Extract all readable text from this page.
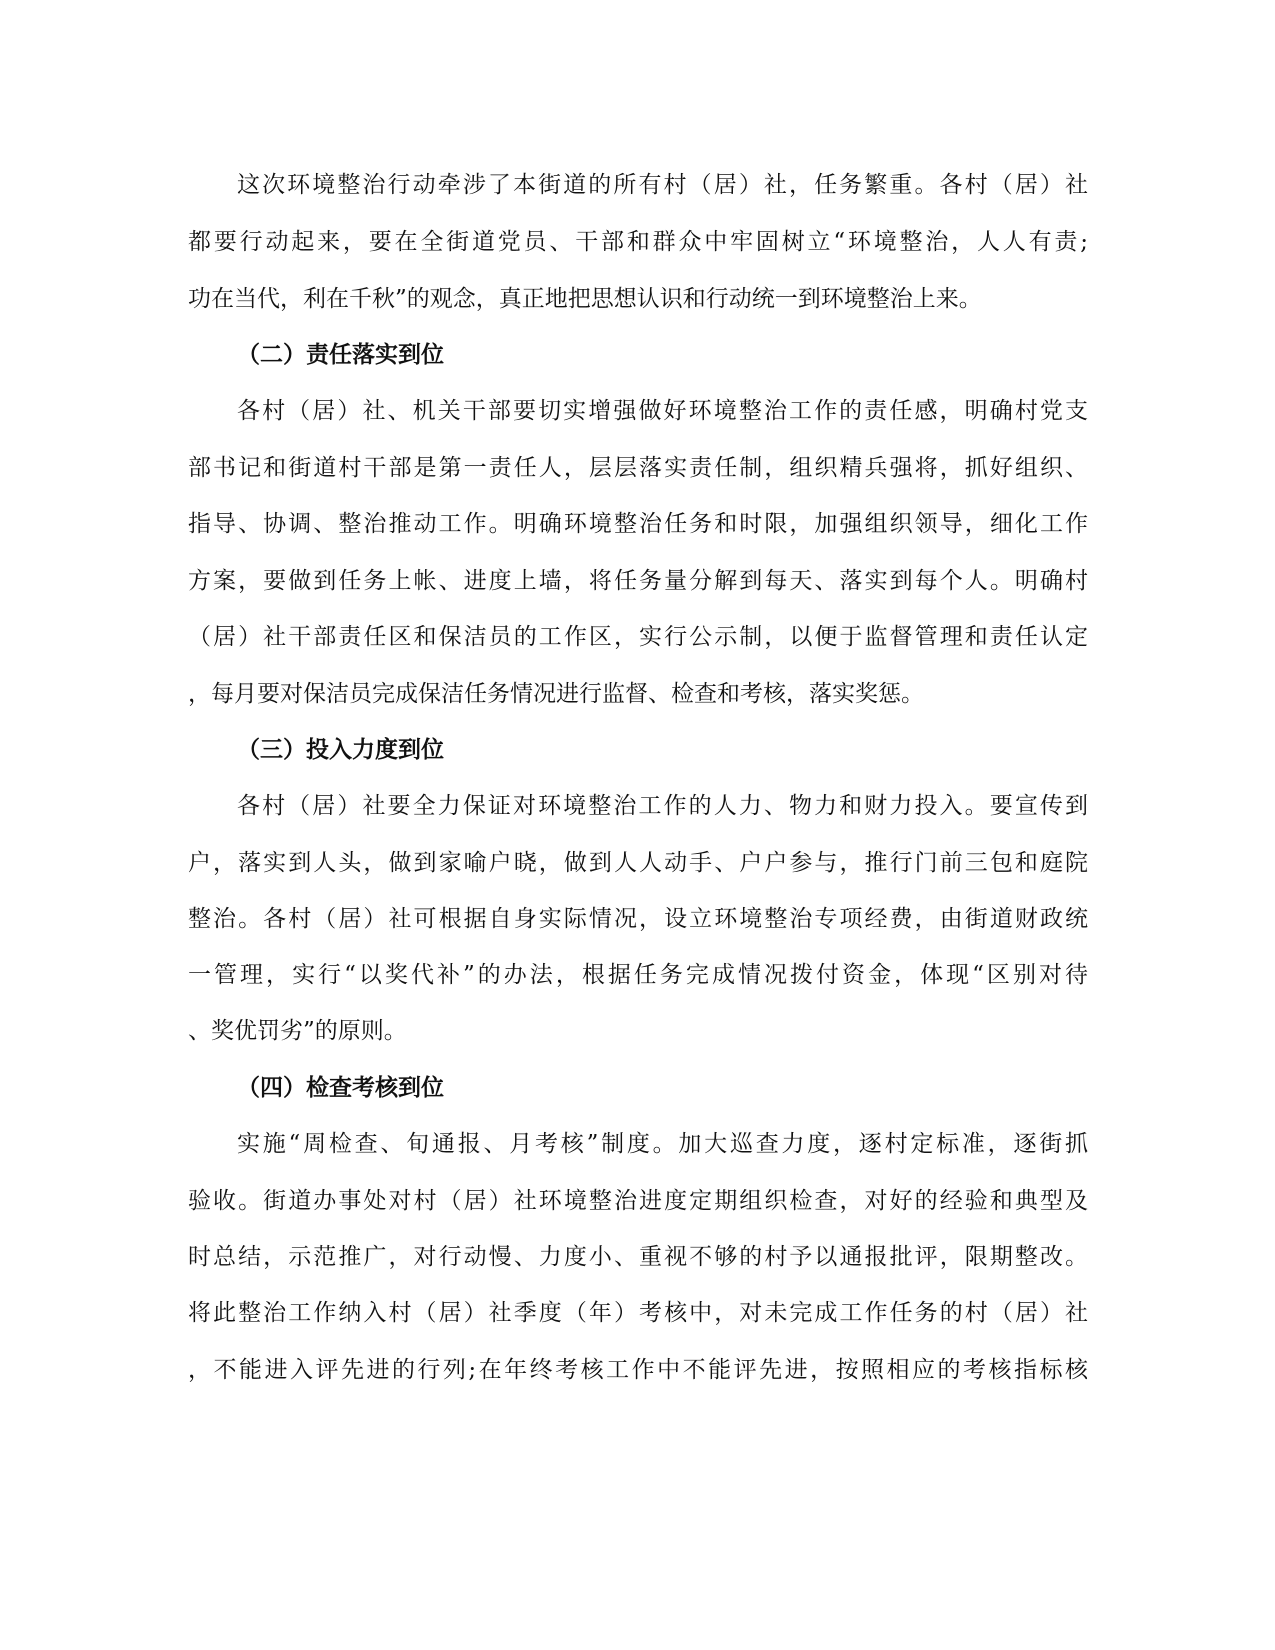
这次环境整治行动牵涉了本街道的所有村（居）社，任务繁重。各村（居）社
都要行动起来，要在全街道党员、干部和群众中牢固树立“环境整治，人人有责;
功在当代，利在千秋”的观念，真正地把思想认识和行动统一到环境整治上来。
（二）责任落实到位
各村（居）社、机关干部要切实增强做好环境整治工作的责任感，明确村党支
部书记和街道村干部是第一责任人，层层落实责任制，组织精兵强将，抓好组织、
指导、协调、整治推动工作。明确环境整治任务和时限，加强组织领导，细化工作
方案，要做到任务上帐、进度上墙，将任务量分解到每天、落实到每个人。明确村
（居）社干部责任区和保洁员的工作区，实行公示制，以便于监督管理和责任认定
，每月要对保洁员完成保洁任务情况进行监督、检查和考核，落实奖惩。
（三）投入力度到位
各村（居）社要全力保证对环境整治工作的人力、物力和财力投入。要宣传到
户，落实到人头，做到家喻户晓，做到人人动手、户户参与，推行门前三包和庭院
整治。各村（居）社可根据自身实际情况，设立环境整治专项经费，由街道财政统
一管理，实行“以奖代补”的办法，根据任务完成情况拨付资金，体现“区别对待
、奖优罚劣”的原则。
（四）检查考核到位
实施“周检查、旬通报、月考核”制度。加大巡查力度，逐村定标准，逐街抓
验收。街道办事处对村（居）社环境整治进度定期组织检查，对好的经验和典型及
时总结，示范推广，对行动慢、力度小、重视不够的村予以通报批评，限期整改。
将此整治工作纳入村（居）社季度（年）考核中，对未完成工作任务的村（居）社
，不能进入评先进的行列;在年终考核工作中不能评先进，按照相应的考核指标核
